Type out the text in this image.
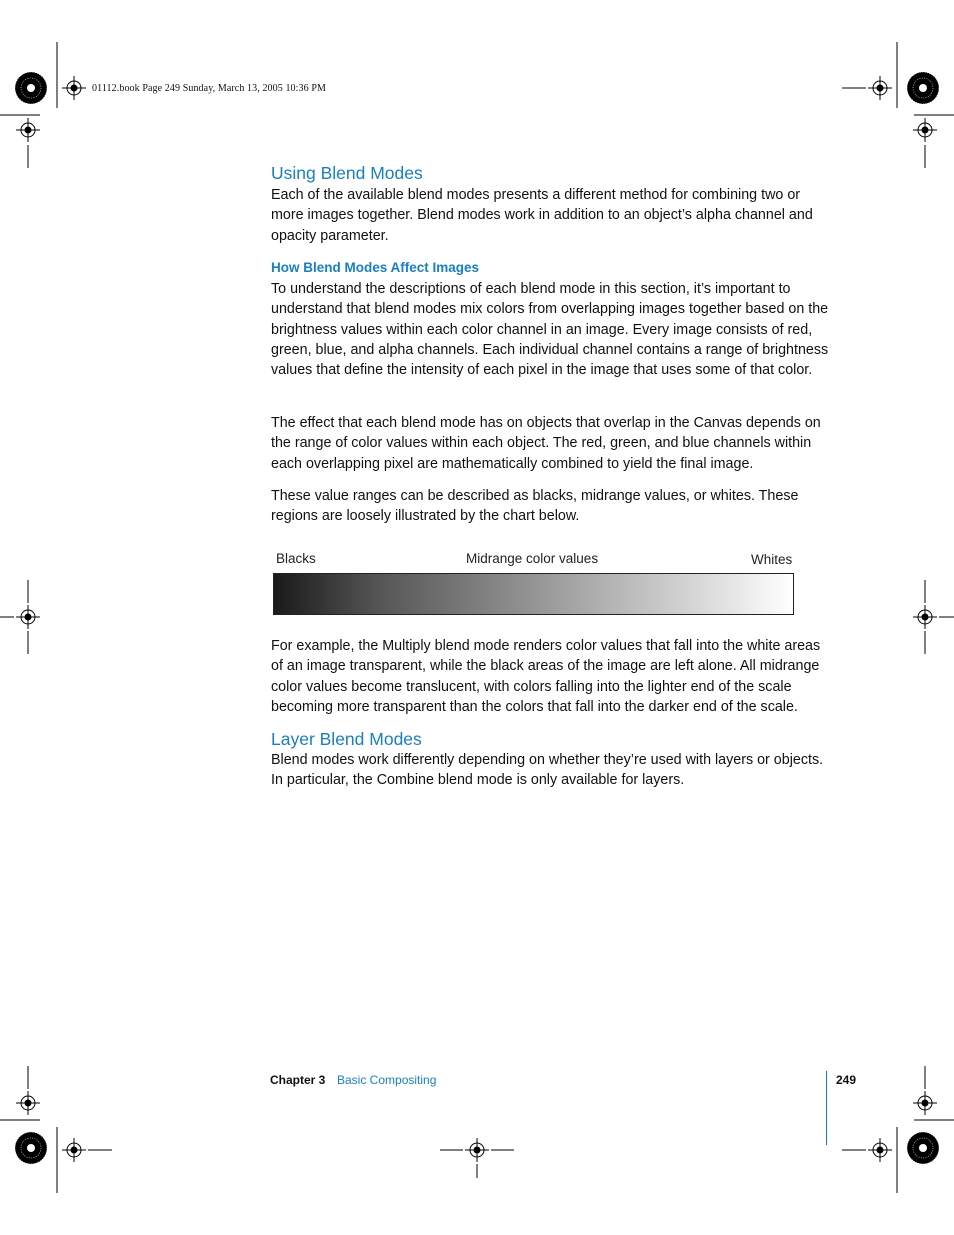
01112.book Page 249 Sunday, March 13, 2005 10:36 PM
Using Blend Modes

Each of the available blend modes presents a different method for combining two or more images together. Blend modes work in addition to an object’s alpha channel and opacity parameter.

How Blend Modes Affect Images

To understand the descriptions of each blend mode in this section, it’s important to understand that blend modes mix colors from overlapping images together based on the brightness values within each color channel in an image. Every image consists of red, green, blue, and alpha channels. Each individual channel contains a range of brightness values that define the intensity of each pixel in the image that uses some of that color.

The effect that each blend mode has on objects that overlap in the Canvas depends on the range of color values within each object. The red, green, and blue channels within each overlapping pixel are mathematically combined to yield the final image.

These value ranges can be described as blacks, midrange values, or whites. These regions are loosely illustrated by the chart below.

Blacks	Midrange color values	Whites

For example, the Multiply blend mode renders color values that fall into the white areas of an image transparent, while the black areas of the image are left alone. All midrange color values become translucent, with colors falling into the lighter end of the scale becoming more transparent than the colors that fall into the darker end of the scale.

Layer Blend Modes

Blend modes work differently depending on whether they’re used with layers or objects. In particular, the Combine blend mode is only available for layers.

Chapter 3 Basic Compositing	249
